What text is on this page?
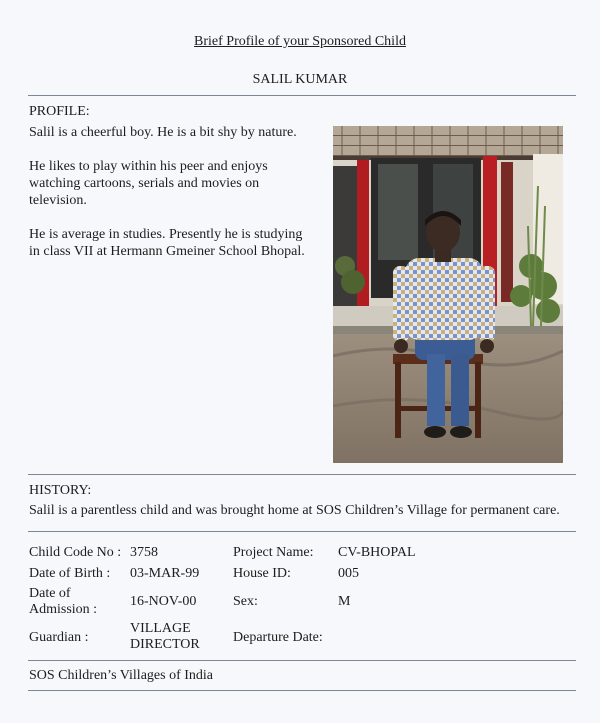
Brief Profile of your Sponsored Child
SALIL KUMAR
PROFILE:

Salil is a cheerful boy. He is a bit shy by nature.

He likes to play within his peer and enjoys watching cartoons, serials and movies on television.

He is average in studies. Presently he is studying in class VII at Hermann Gmeiner School Bhopal.

HISTORY:
Salil is a parentless child and was brought home at SOS Children’s Village for permanent care.
Child Code No : 3758
Date of Birth : 03-MAR-99
Date of
Admission :
16-NOV-00
Guardian :
VILLAGE
DIRECTOR
Project Name: CV-BHOPAL
House ID:	005
Sex:	M
Departure Date:
SOS Children’s Villages of India
